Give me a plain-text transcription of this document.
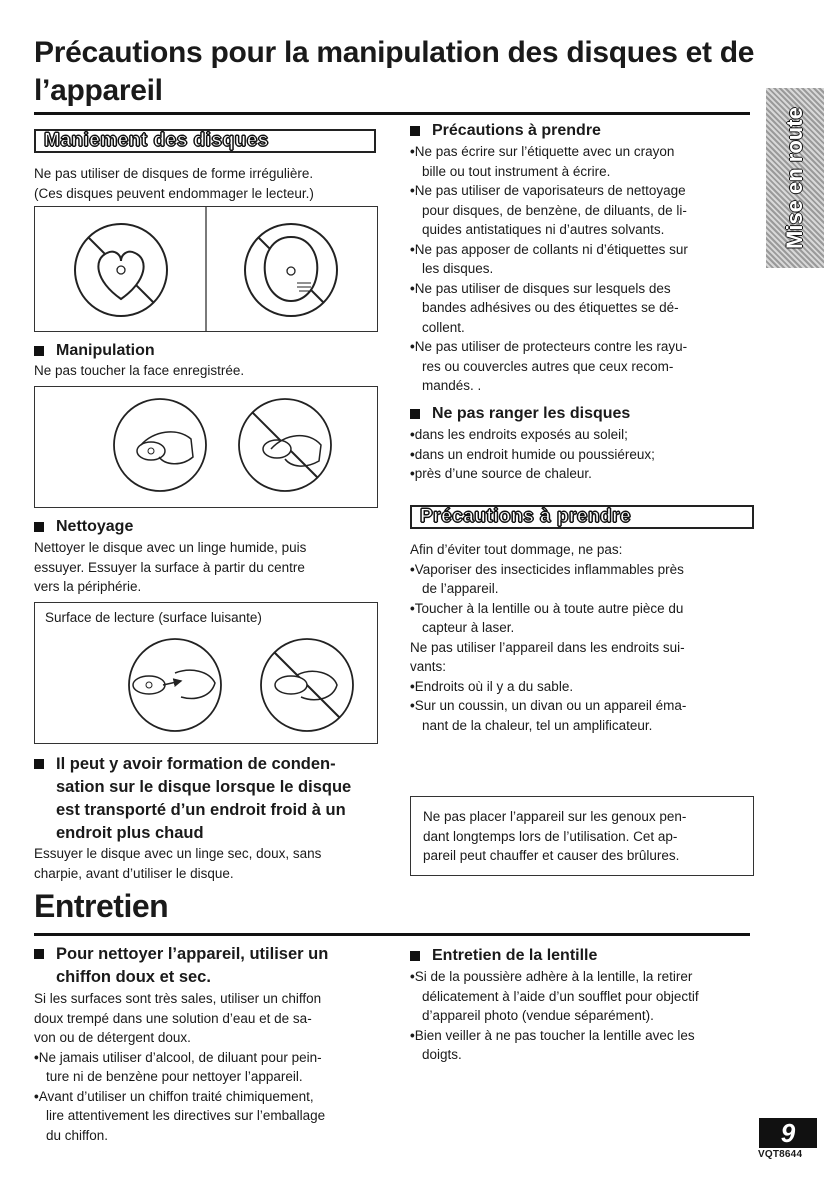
Précautions pour la manipulation des disques et de l’appareil
Mise en route
Maniement des disques
Ne pas utiliser de disques de forme irrégulière.
(Ces disques peuvent endommager le lecteur.)
Manipulation
Ne pas toucher la face enregistrée.
Nettoyage
Nettoyer le disque avec un linge humide, puis
essuyer. Essuyer la surface à partir du centre
vers la périphérie.
Surface de lecture (surface luisante)
Il peut y avoir formation de conden-
sation sur le disque lorsque le disque
est transporté d’un endroit froid à un
endroit plus chaud
Essuyer le disque avec un linge sec, doux, sans
charpie, avant d’utiliser le disque.
Précautions à prendre
• Ne pas écrire sur l’étiquette avec un crayon
bille ou tout instrument à écrire.
• Ne pas utiliser de vaporisateurs de nettoyage
pour disques, de benzène, de diluants, de li-
quides antistatiques ni d’autres solvants.
• Ne pas apposer de collants ni d’étiquettes sur
les disques.
• Ne pas utiliser de disques sur lesquels des
bandes adhésives ou des étiquettes se dé-
collent.
• Ne pas utiliser de protecteurs contre les rayu-
res ou couvercles autres que ceux recom-
mandés. .
Ne pas ranger les disques
• dans les endroits exposés au soleil;
• dans un endroit humide ou poussiéreux;
• près d’une source de chaleur.
Précautions à prendre
Afin d’éviter tout dommage, ne pas:
• Vaporiser des insecticides inflammables près
de l’appareil.
• Toucher à la lentille ou à toute autre pièce du
capteur à laser.
Ne pas utiliser l’appareil dans les endroits sui-
vants:
• Endroits où il y a du sable.
• Sur un coussin, un divan ou un appareil éma-
nant de la chaleur, tel un amplificateur.
Ne pas placer l’appareil sur les genoux pen-
dant longtemps lors de l’utilisation. Cet ap-
pareil peut chauffer et causer des brûlures.
Entretien
Pour nettoyer l’appareil, utiliser un
chiffon doux et sec.
Si les surfaces sont très sales, utiliser un chiffon
doux trempé dans une solution d’eau et de sa-
von ou de détergent doux.
• Ne jamais utiliser d’alcool, de diluant pour pein-
ture ni de benzène pour nettoyer l’appareil.
• Avant d’utiliser un chiffon traité chimiquement,
lire attentivement les directives sur l’emballage
du chiffon.
Entretien de la lentille
• Si de la poussière adhère à la lentille, la retirer
délicatement à l’aide d’un soufflet pour objectif
d’appareil photo (vendue séparément).
• Bien veiller à ne pas toucher la lentille avec les
doigts.
9
VQT8644
